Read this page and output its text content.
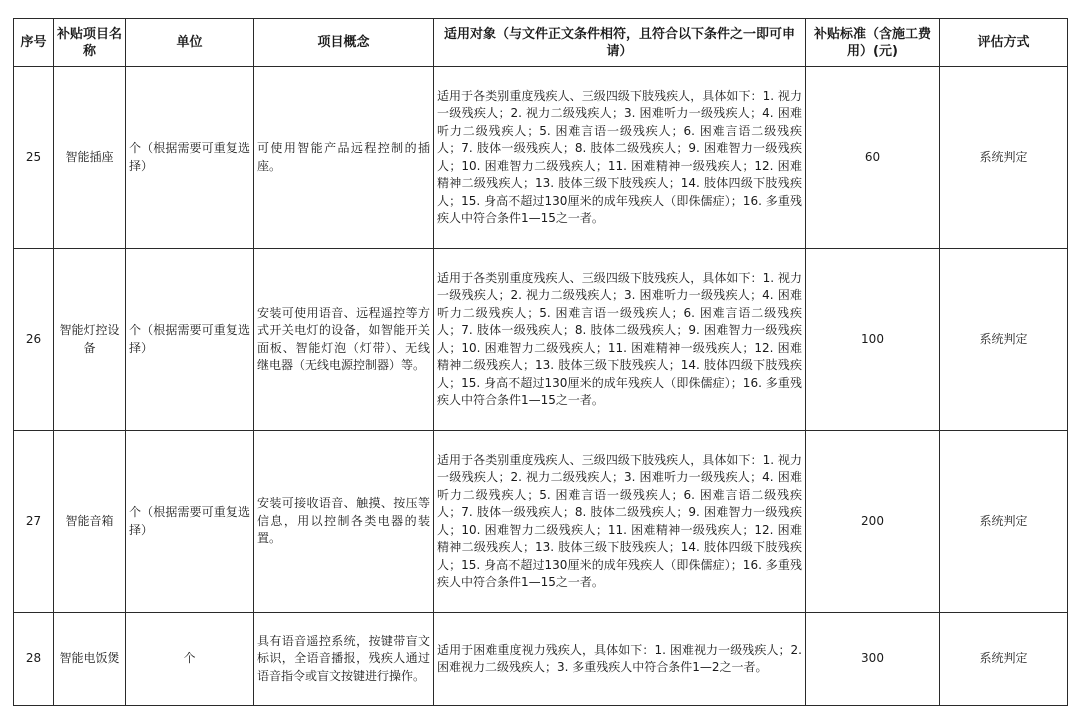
序号	补贴项目名称	单位	项目概念	适用对象（与文件正文条件相符，且符合以下条件之一即可申请）	补贴标准（含施工费用）(元)	评估方式
25	智能插座	个（根据需要可重复选择）	可使用智能产品远程控制的插座。	适用于各类别重度残疾人、三级四级下肢残疾人，具体如下：1. 视力一级残疾人；2. 视力二级残疾人；3. 困难听力一级残疾人；4. 困难听力二级残疾人；5. 困难言语一级残疾人；6. 困难言语二级残疾人；7. 肢体一级残疾人；8. 肢体二级残疾人；9. 困难智力一级残疾人；10. 困难智力二级残疾人；11. 困难精神一级残疾人；12. 困难精神二级残疾人；13. 肢体三级下肢残疾人；14. 肢体四级下肢残疾人；15. 身高不超过130厘米的成年残疾人（即侏儒症）；16. 多重残疾人中符合条件1—15之一者。	60	系统判定
26	智能灯控设备	个（根据需要可重复选择）	安装可使用语音、远程遥控等方式开关电灯的设备，如智能开关面板、智能灯泡（灯带）、无线继电器（无线电源控制器）等。	适用于各类别重度残疾人、三级四级下肢残疾人，具体如下：1. 视力一级残疾人；2. 视力二级残疾人；3. 困难听力一级残疾人；4. 困难听力二级残疾人；5. 困难言语一级残疾人；6. 困难言语二级残疾人；7. 肢体一级残疾人；8. 肢体二级残疾人；9. 困难智力一级残疾人；10. 困难智力二级残疾人；11. 困难精神一级残疾人；12. 困难精神二级残疾人；13. 肢体三级下肢残疾人；14. 肢体四级下肢残疾人；15. 身高不超过130厘米的成年残疾人（即侏儒症）；16. 多重残疾人中符合条件1—15之一者。	100	系统判定
27	智能音箱	个（根据需要可重复选择）	安装可接收语音、触摸、按压等信息，用以控制各类电器的装置。	适用于各类别重度残疾人、三级四级下肢残疾人，具体如下：1. 视力一级残疾人；2. 视力二级残疾人；3. 困难听力一级残疾人；4. 困难听力二级残疾人；5. 困难言语一级残疾人；6. 困难言语二级残疾人；7. 肢体一级残疾人；8. 肢体二级残疾人；9. 困难智力一级残疾人；10. 困难智力二级残疾人；11. 困难精神一级残疾人；12. 困难精神二级残疾人；13. 肢体三级下肢残疾人；14. 肢体四级下肢残疾人；15. 身高不超过130厘米的成年残疾人（即侏儒症）；16. 多重残疾人中符合条件1—15之一者。	200	系统判定
28	智能电饭煲	个	具有语音遥控系统，按键带盲文标识，全语音播报，残疾人通过语音指令或盲文按键进行操作。	适用于困难重度视力残疾人，具体如下：1. 困难视力一级残疾人；2. 困难视力二级残疾人；3. 多重残疾人中符合条件1—2之一者。	300	系统判定
